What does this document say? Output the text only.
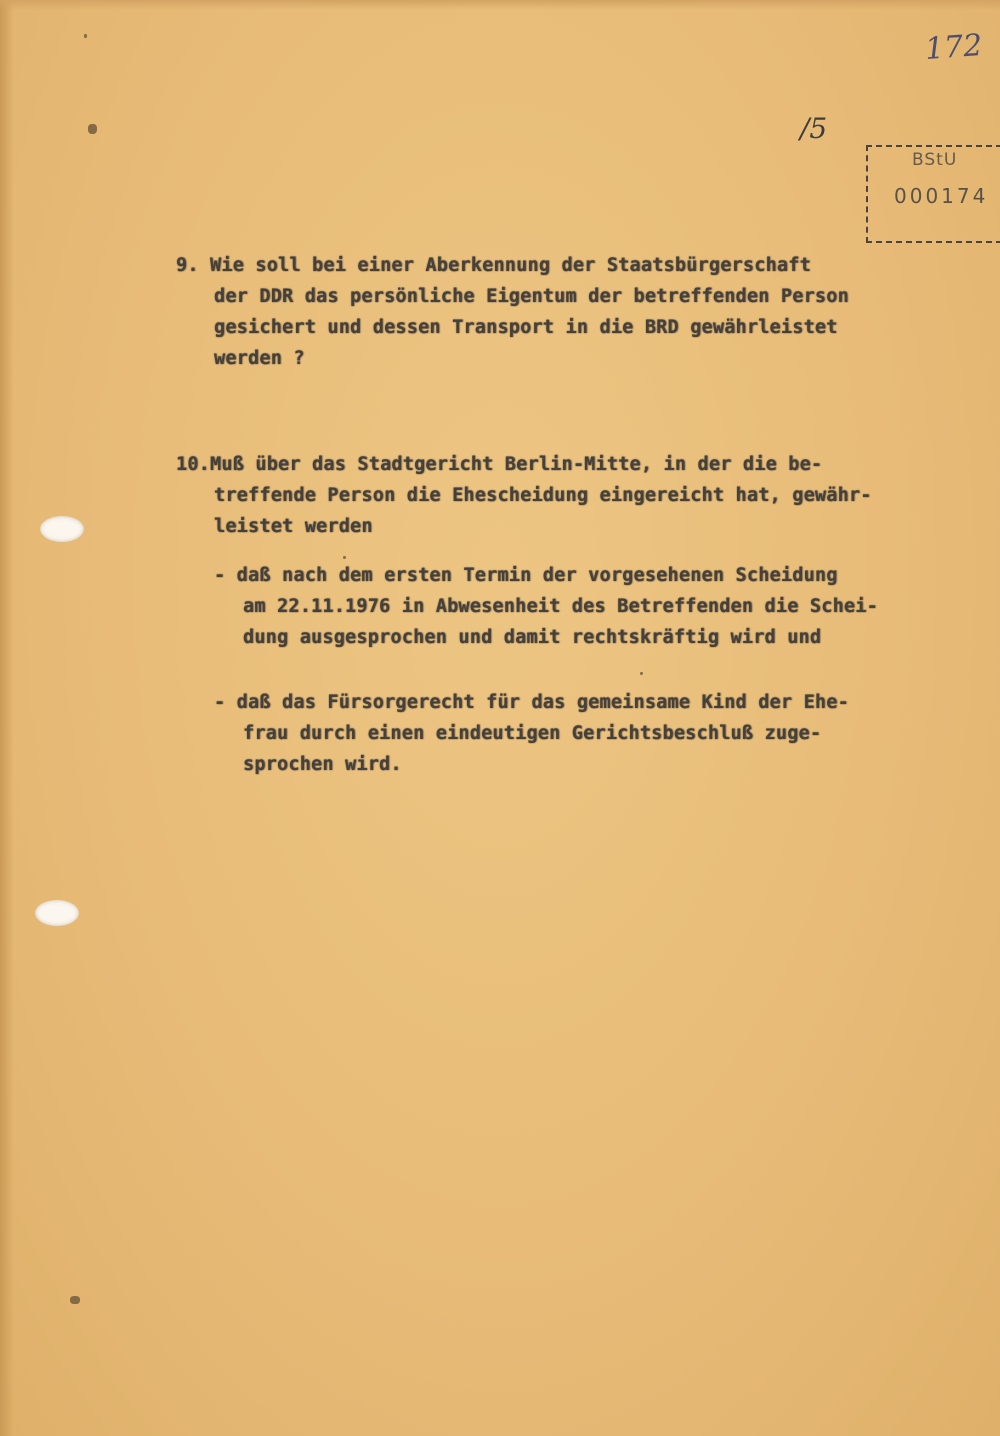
172
/5
BStU
000174

9. Wie soll bei einer Aberkennung der Staatsbürgerschaft

der DDR das persönliche Eigentum der betreffenden Person

gesichert und dessen Transport in die BRD gewährleistet

werden ?

10.Muß über das Stadtgericht Berlin-Mitte, in der die be-

treffende Person die Ehescheidung eingereicht hat, gewähr-

leistet werden

- daß nach dem ersten Termin der vorgesehenen Scheidung

am 22.11.1976 in Abwesenheit des Betreffenden die Schei-

dung ausgesprochen und damit rechtskräftig wird und

- daß das Fürsorgerecht für das gemeinsame Kind der Ehe-

frau durch einen eindeutigen Gerichtsbeschluß zuge-

sprochen wird.
